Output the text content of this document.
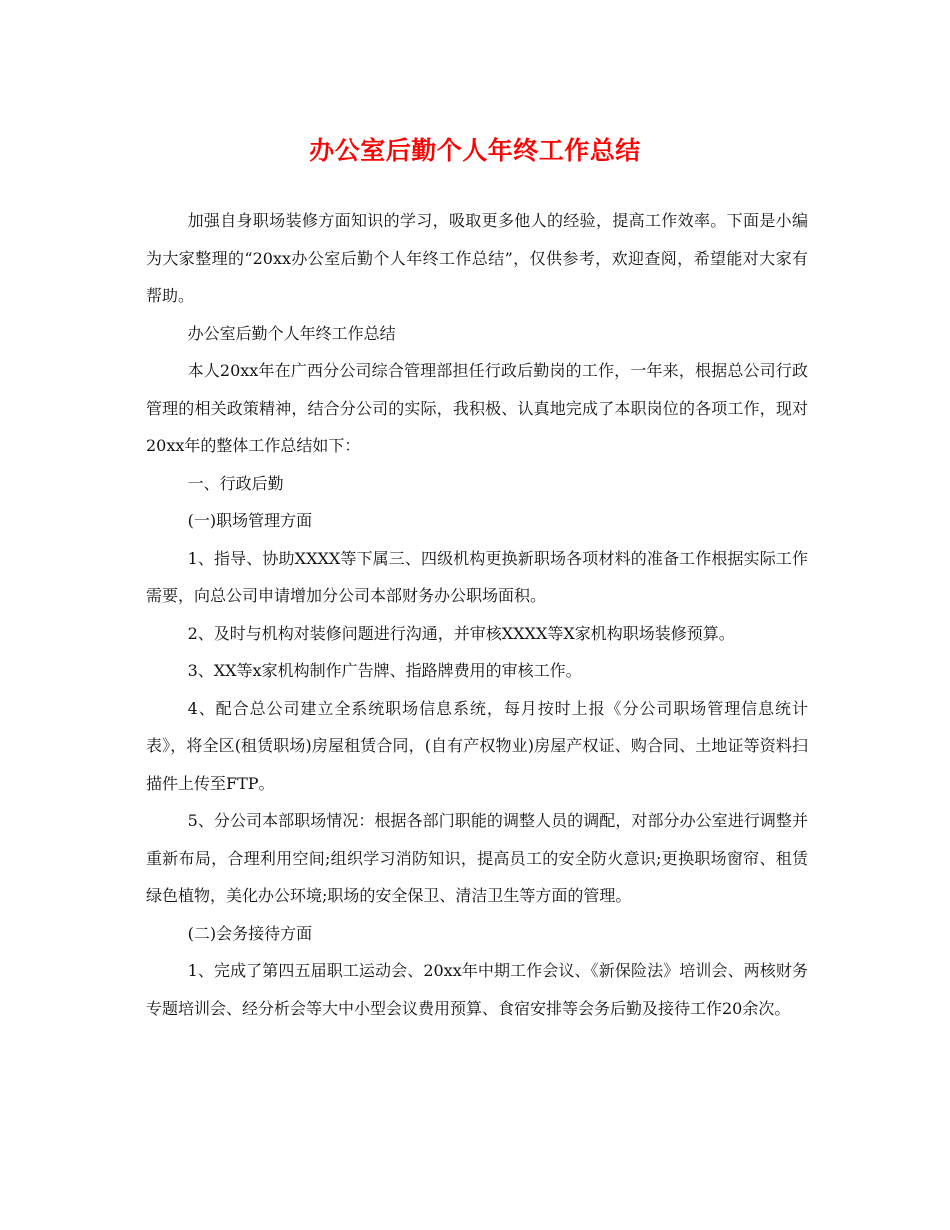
办公室后勤个人年终工作总结

加强自身职场装修方面知识的学习，吸取更多他人的经验，提高工作效率。下面是小编为大家整理的“20xx办公室后勤个人年终工作总结”，仅供参考，欢迎查阅，希望能对大家有帮助。

办公室后勤个人年终工作总结

本人20xx年在广西分公司综合管理部担任行政后勤岗的工作，一年来，根据总公司行政管理的相关政策精神，结合分公司的实际，我积极、认真地完成了本职岗位的各项工作，现对20xx年的整体工作总结如下：

一、行政后勤

(一)职场管理方面

1、指导、协助XXXX等下属三、四级机构更换新职场各项材料的准备工作根据实际工作需要，向总公司申请增加分公司本部财务办公职场面积。

2、及时与机构对装修问题进行沟通，并审核XXXX等X家机构职场装修预算。

3、XX等x家机构制作广告牌、指路牌费用的审核工作。

4、配合总公司建立全系统职场信息系统，每月按时上报《分公司职场管理信息统计表》，将全区(租赁职场)房屋租赁合同，(自有产权物业)房屋产权证、购合同、土地证等资料扫描件上传至FTP。

5、分公司本部职场情况：根据各部门职能的调整人员的调配，对部分办公室进行调整并重新布局，合理利用空间;组织学习消防知识，提高员工的安全防火意识;更换职场窗帘、租赁绿色植物，美化办公环境;职场的安全保卫、清洁卫生等方面的管理。

(二)会务接待方面

1、完成了第四五届职工运动会、20xx年中期工作会议、《新保险法》培训会、两核财务专题培训会、经分析会等大中小型会议费用预算、食宿安排等会务后勤及接待工作20余次。
